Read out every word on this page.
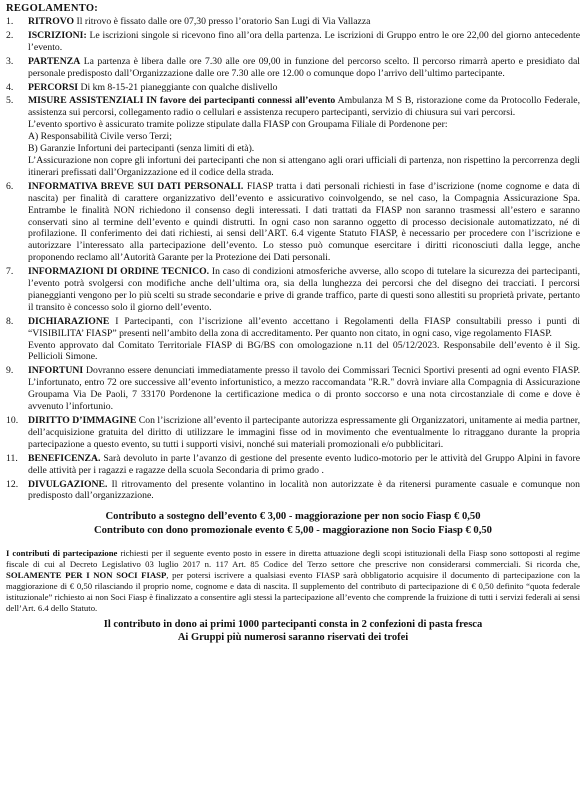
REGOLAMENTO:
1. RITROVO Il ritrovo è fissato dalle ore 07,30 presso l’oratorio San Lugi di Via Vallazza
2. ISCRIZIONI: Le iscrizioni singole si ricevono fino all’ora della partenza. Le iscrizioni di Gruppo entro le ore 22,00 del giorno antecedente l’evento.
3. PARTENZA La partenza è libera dalle ore 7.30 alle ore 09,00 in funzione del percorso scelto. Il percorso rimarrà aperto e presidiato dal personale predisposto dall’Organizzazione dalle ore 7.30 alle ore 12.00 o comunque dopo l’arrivo dell’ultimo partecipante.
4. PERCORSI Di km 8-15-21 pianeggiante con qualche dislivello
5. MISURE ASSISTENZIALI IN favore dei partecipanti connessi all’evento Ambulanza M S B, ristorazione come da Protocollo Federale, assistenza sui percorsi, collegamento radio o cellulari e assistenza recupero partecipanti, servizio di chiusura sui vari percorsi.

L’evento sportivo è assicurato tramite polizze stipulate dalla FIASP con Groupama Filiale di Pordenone per:

A) Responsabilità Civile verso Terzi;

B) Garanzie Infortuni dei partecipanti (senza limiti di età).

L’Assicurazione non copre gli infortuni dei partecipanti che non si attengano agli orari ufficiali di partenza, non rispettino la percorrenza degli itinerari prefissati dall’Organizzazione ed il codice della strada.

6. INFORMATIVA BREVE SUI DATI PERSONALI. FIASP tratta i dati personali richiesti in fase d’iscrizione (nome cognome e data di nascita) per finalità di carattere organizzativo dell’evento e assicurativo coinvolgendo, se nel caso, la Compagnia Assicurazione Spa. Entrambe le finalità NON richiedono il consenso degli interessati. I dati trattati da FIASP non saranno trasmessi all’estero e saranno conservati sino al termine dell’evento e quindi distrutti. In ogni caso non saranno oggetto di processo decisionale automatizzato, né di profilazione. Il conferimento dei dati richiesti, ai sensi dell’ART. 6.4 vigente Statuto FIASP, è necessario per procedere con l’iscrizione e autorizzare l’interessato alla partecipazione dell’evento. Lo stesso può comunque esercitare i diritti riconosciuti dalla legge, anche proponendo reclamo all’Autorità Garante per la Protezione dei Dati personali.
7. INFORMAZIONI DI ORDINE TECNICO. In caso di condizioni atmosferiche avverse, allo scopo di tutelare la sicurezza dei partecipanti, l’evento potrà svolgersi con modifiche anche dell’ultima ora, sia della lunghezza dei percorsi che del disegno dei tracciati. I percorsi pianeggianti vengono per lo più scelti su strade secondarie e prive di grande traffico, parte di questi sono allestiti su proprietà private, pertanto il transito è concesso solo il giorno dell’evento.
8. DICHIARAZIONE I Partecipanti, con l’iscrizione all’evento accettano i Regolamenti della FIASP consultabili presso i punti di “VISIBILITA’ FIASP” presenti nell’ambito della zona di accreditamento. Per quanto non citato, in ogni caso, vige regolamento FIASP.

Evento approvato dal Comitato Territoriale FIASP di BG/BS con omologazione n.11 del 05/12/2023. Responsabile dell’evento è il Sig. Pellicioli Simone.

9. INFORTUNI Dovranno essere denunciati immediatamente presso il tavolo dei Commissari Tecnici Sportivi presenti ad ogni evento FIASP. L’infortunato, entro 72 ore successive all’evento infortunistico, a mezzo raccomandata "R.R." dovrà inviare alla Compagnia di Assicurazione Groupama Via De Paoli, 7 33170 Pordenone la certificazione medica o di pronto soccorso e una nota circostanziale di come e dove è avvenuto l’infortunio.
10. DIRITTO D’IMMAGINE Con l’iscrizione all’evento il partecipante autorizza espressamente gli Organizzatori, unitamente ai media partner, dell’acquisizione gratuita del diritto di utilizzare le immagini fisse od in movimento che eventualmente lo ritraggano durante la propria partecipazione a questo evento, su tutti i supporti visivi, nonché sui materiali promozionali e/o pubblicitari.
11. BENEFICENZA. Sarà devoluto in parte l’avanzo di gestione del presente evento ludico-motorio per le attività del Gruppo Alpini in favore delle attività per i ragazzi e ragazze della scuola Secondaria di primo grado .
12. DIVULGAZIONE. Il ritrovamento del presente volantino in località non autorizzate è da ritenersi puramente casuale e comunque non predisposto dall’organizzazione.
Contributo a sostegno dell’evento € 3,00 - maggiorazione per non socio Fiasp € 0,50
Contributo con dono promozionale evento € 5,00 - maggiorazione non Socio Fiasp € 0,50
I contributi di partecipazione richiesti per il seguente evento posto in essere in diretta attuazione degli scopi istituzionali della Fiasp sono sottoposti al regime fiscale di cui al Decreto Legislativo 03 luglio 2017 n. 117 Art. 85 Codice del Terzo settore che prescrive non considerarsi commerciali. Si ricorda che, SOLAMENTE PER I NON SOCI FIASP, per potersi iscrivere a qualsiasi evento FIASP sarà obbligatorio acquisire il documento di partecipazione con la maggiorazione di € 0,50 rilasciando il proprio nome, cognome e data di nascita. Il supplemento del contributo di partecipazione di € 0,50 definito “quota federale istituzionale” richiesto ai non Soci Fiasp è finalizzato a consentire agli stessi la partecipazione all’evento che comprende la fruizione di tutti i servizi federali ai sensi dell’Art. 6.4 dello Statuto.
Il contributo in dono ai primi 1000 partecipanti consta in 2 confezioni di pasta fresca
Ai Gruppi più numerosi saranno riservati dei trofei
